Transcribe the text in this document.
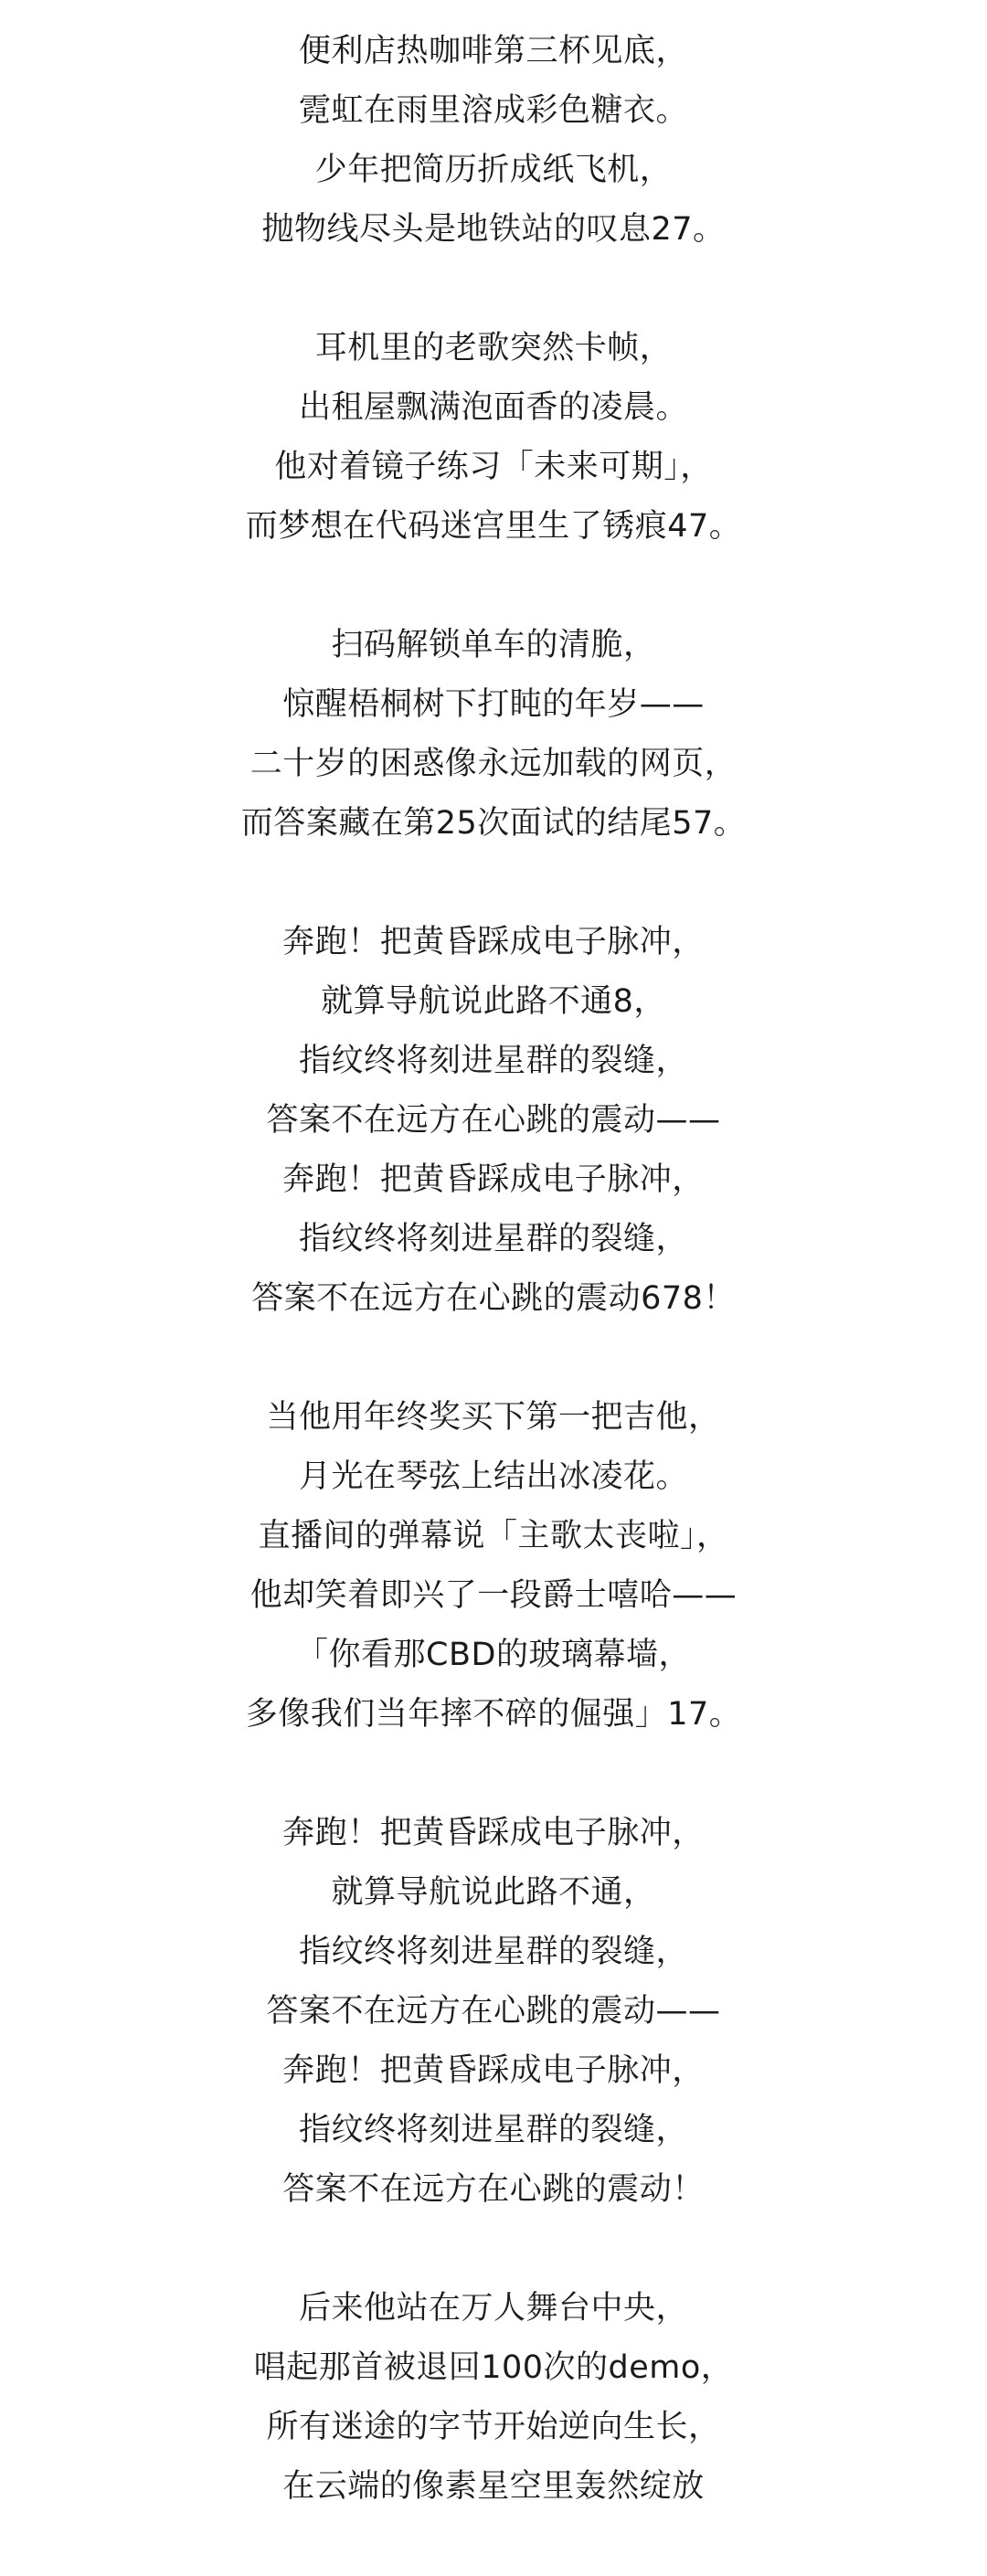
便利店热咖啡第三杯见底，
霓虹在雨里溶成彩色糖衣。
少年把简历折成纸飞机，
抛物线尽头是地铁站的叹息27。
耳机里的老歌突然卡帧，
出租屋飘满泡面香的凌晨。
他对着镜子练习「未来可期」，
而梦想在代码迷宫里生了锈痕47。
扫码解锁单车的清脆，
惊醒梧桐树下打盹的年岁——
二十岁的困惑像永远加载的网页，
而答案藏在第25次面试的结尾57。
奔跑！把黄昏踩成电子脉冲，
就算导航说此路不通8，
指纹终将刻进星群的裂缝，
答案不在远方在心跳的震动——
奔跑！把黄昏踩成电子脉冲，
指纹终将刻进星群的裂缝，
答案不在远方在心跳的震动678！
当他用年终奖买下第一把吉他，
月光在琴弦上结出冰凌花。
直播间的弹幕说「主歌太丧啦」，
他却笑着即兴了一段爵士嘻哈——
「你看那CBD的玻璃幕墙，
多像我们当年摔不碎的倔强」17。
奔跑！把黄昏踩成电子脉冲，
就算导航说此路不通，
指纹终将刻进星群的裂缝，
答案不在远方在心跳的震动——
奔跑！把黄昏踩成电子脉冲，
指纹终将刻进星群的裂缝，
答案不在远方在心跳的震动！
后来他站在万人舞台中央，
唱起那首被退回100次的demo，
所有迷途的字节开始逆向生长，
在云端的像素星空里轰然绽放
